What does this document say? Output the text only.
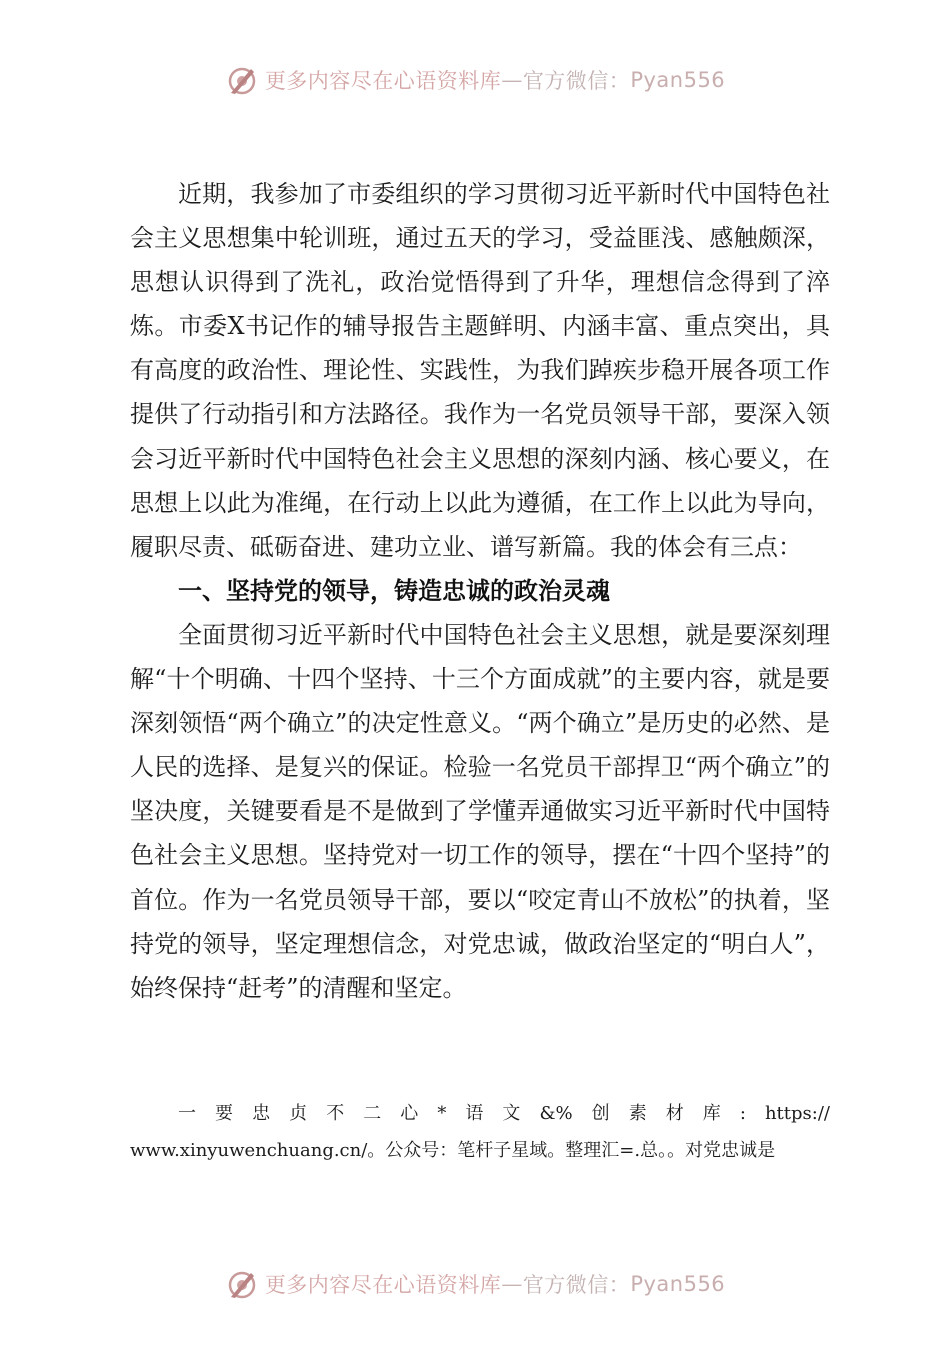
更多内容尽在心语资料库 — 官方微信： Pyan556

近期，我参加了市委组织的学习贯彻习近平新时代中国特色社会主义思想集中轮训班，通过五天的学习，受益匪浅、感触颇深，思想认识得到了洗礼，政治觉悟得到了升华，理想信念得到了淬炼。市委X书记作的辅导报告主题鲜明、内涵丰富、重点突出，具有高度的政治性、理论性、实践性，为我们踔疾步稳开展各项工作提供了行动指引和方法路径。我作为一名党员领导干部，要深入领会习近平新时代中国特色社会主义思想的深刻内涵、核心要义，在思想上以此为准绳，在行动上以此为遵循，在工作上以此为导向，履职尽责、砥砺奋进、建功立业、谱写新篇。我的体会有三点：

一、坚持党的领导，铸造忠诚的政治灵魂

全面贯彻习近平新时代中国特色社会主义思想，就是要深刻理解“十个明确、十四个坚持、十三个方面成就”的主要内容，就是要深刻领悟“两个确立”的决定性意义。“两个确立”是历史的必然、是人民的选择、是复兴的保证。检验一名党员干部捍卫“两个确立”的坚决度，关键要看是不是做到了学懂弄通做实习近平新时代中国特色社会主义思想。坚持党对一切工作的领导，摆在“十四个坚持”的首位。作为一名党员领导干部，要以“咬定青山不放松”的执着，坚持党的领导，坚定理想信念，对党忠诚，做政治坚定的“明白人”，始终保持“赶考”的清醒和坚定。

一 要 忠 贞 不 二 心 * 语 文 &% 创 素 材 库 : https://
www.xinyuwenchuang.cn/。公众号：笔杆子星域。整理汇=.总。。对党忠诚是
更多内容尽在心语资料库 — 官方微信： Pyan556
